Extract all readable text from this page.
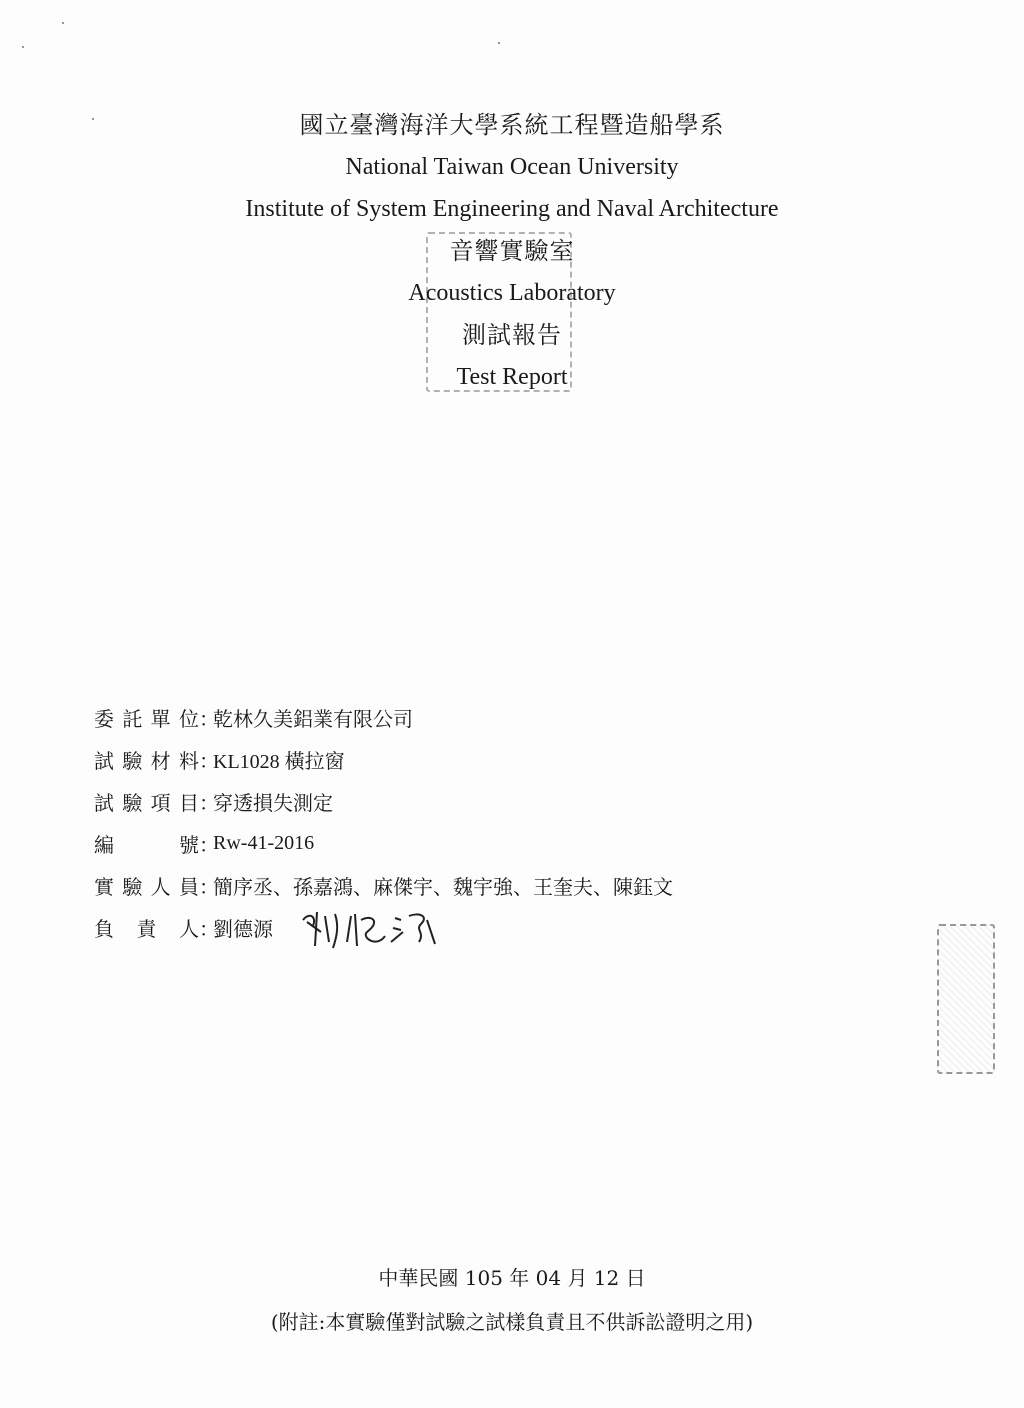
國立臺灣海洋大學系統工程暨造船學系
National Taiwan Ocean University
Institute of System Engineering and Naval Architecture
音響實驗室
Acoustics Laboratory
測試報告
Test Report
委託單位 ：
乾林久美鋁業有限公司
試驗材料 ：
KL1028 橫拉窗
試驗項目 ：
穿透損失測定
編號 ：
Rw-41-2016
實驗人員 ：
簡序丞、孫嘉鴻、麻傑宇、魏宇強、王奎夫、陳鈺文
負責人 ：
劉德源
中華民國 105 年 04 月 12 日
(附註:本實驗僅對試驗之試樣負責且不供訴訟證明之用)
